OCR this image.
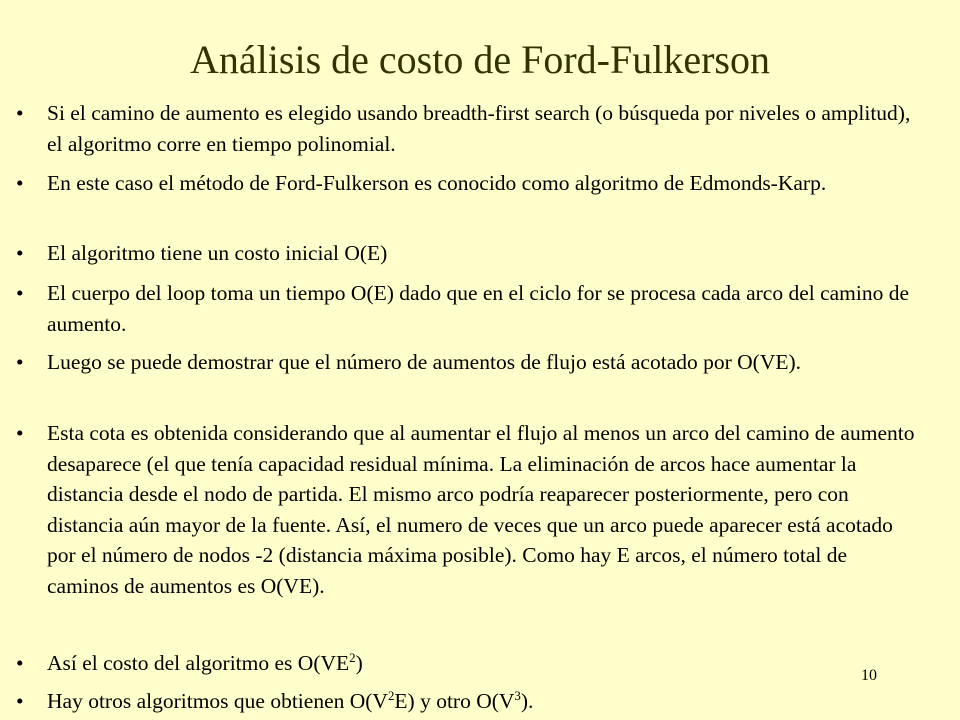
Análisis de costo de Ford-Fulkerson
•	Si el camino de aumento es elegido usando breadth-first search (o búsqueda por niveles o amplitud), el algoritmo corre en tiempo polinomial.
•	En este caso el método de Ford-Fulkerson es conocido como algoritmo de Edmonds-Karp.
•	El algoritmo tiene un costo inicial O(E)
•	El cuerpo del loop toma un tiempo O(E) dado que en el ciclo for se procesa cada arco del camino de aumento.
•	Luego se puede demostrar que el número de aumentos de flujo está acotado por O(VE).
•	Esta cota es obtenida considerando que al aumentar el flujo al menos un arco del camino de aumento desaparece (el que tenía capacidad residual mínima. La eliminación de arcos hace aumentar la distancia desde el nodo de partida. El mismo arco podría reaparecer posteriormente, pero con distancia aún mayor de la fuente. Así, el numero de veces que un arco puede aparecer está acotado por el número de nodos -2 (distancia máxima posible). Como hay E arcos, el número total de caminos de aumentos es O(VE).
•	Así el costo del algoritmo es $O(VE^2)$
•	Hay otros algoritmos que obtienen $O(V^2E)$ y otro $O(V^3)$.
10
